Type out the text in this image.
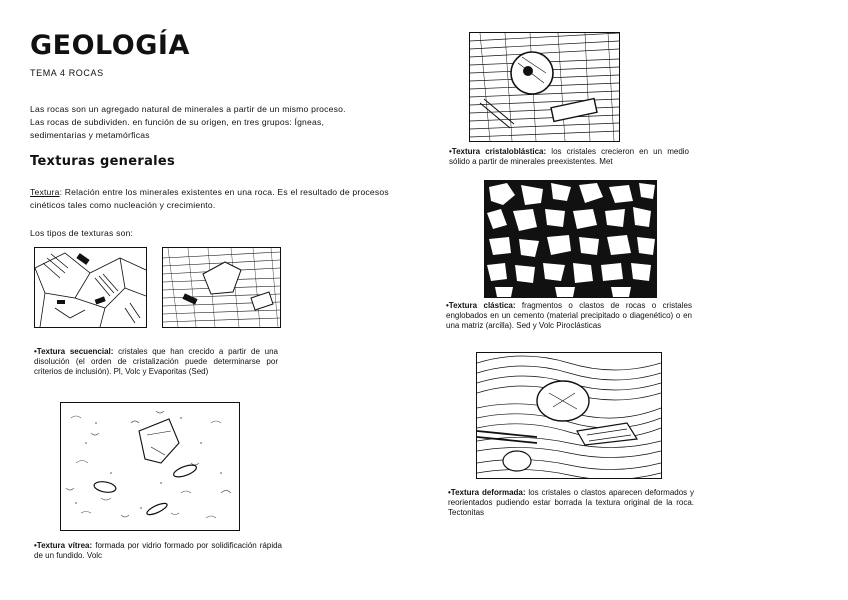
GEOLOGÍA
TEMA 4 ROCAS
Las rocas son un agregado natural de minerales a partir de un mismo proceso.
Las rocas de subdividen. en función de su origen, en tres grupos: Ígneas,
sedimentarias y metamórficas
Texturas generales
Textura: Relación entre los minerales existentes en una roca. Es el resultado de procesos cinéticos tales como nucleación y crecimiento.
Los tipos de texturas son:
•Textura secuencial: cristales que han crecido a partir de una disolución (el orden de cristalización puede determinarse por criterios de inclusión). Pl, Volc y Evaporitas (Sed)
•Textura vítrea: formada por vidrio formado por solidificación rápida de un fundido. Volc
•Textura cristaloblástica: los cristales crecieron en un medio sólido a partir de minerales preexistentes. Met
•Textura clástica: fragmentos o clastos de rocas o cristales englobados en un cemento (material precipitado o diagenético) o en una matriz (arcilla). Sed y Volc Piroclásticas
•Textura deformada: los cristales o clastos aparecen deformados y reorientados pudiendo estar borrada la textura original de la roca. Tectonitas
